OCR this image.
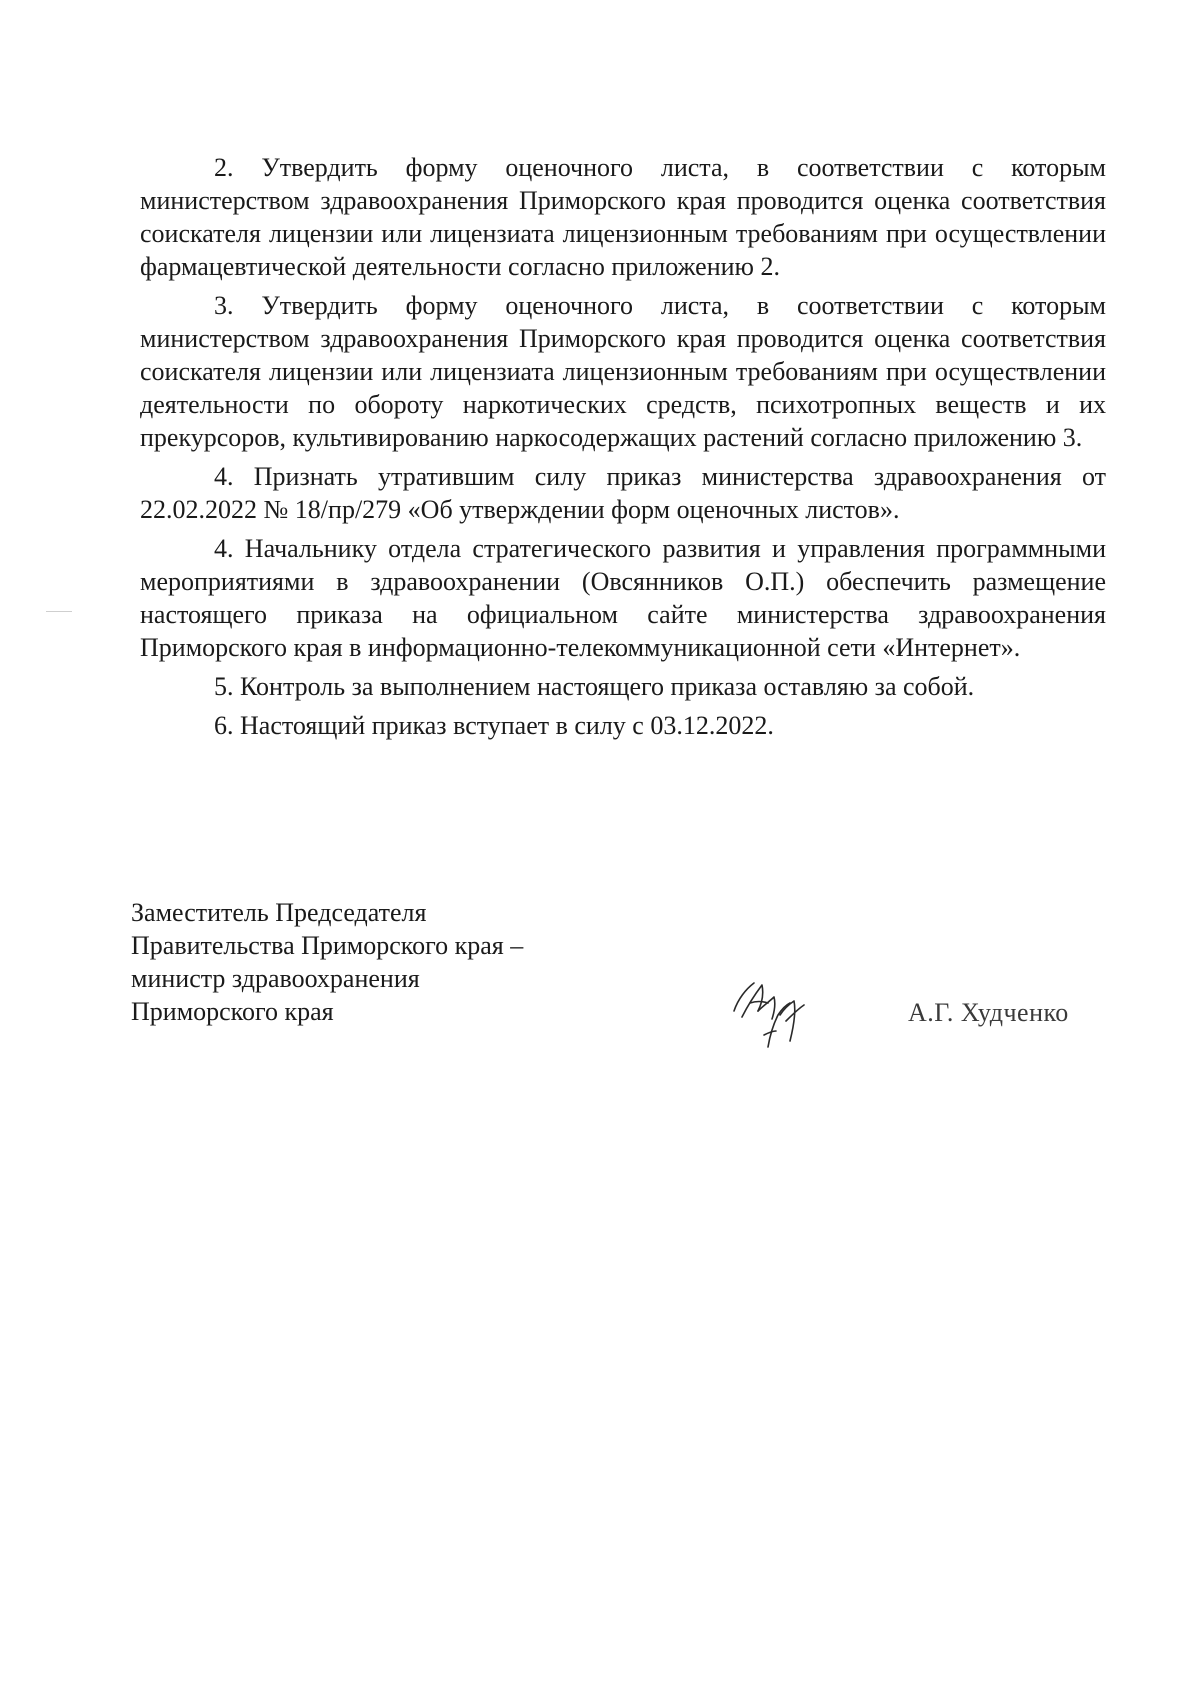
2. Утвердить форму оценочного листа, в соответствии с которым министерством здравоохранения Приморского края проводится оценка соответствия соискателя лицензии или лицензиата лицензионным требованиям при осуществлении фармацевтической деятельности согласно приложению 2.

3. Утвердить форму оценочного листа, в соответствии с которым министерством здравоохранения Приморского края проводится оценка соответствия соискателя лицензии или лицензиата лицензионным требованиям при осуществлении деятельности по обороту наркотических средств, психотропных веществ и их прекурсоров, культивированию наркосодержащих растений согласно приложению 3.

4. Признать утратившим силу приказ министерства здравоохранения от 22.02.2022 № 18/пр/279 «Об утверждении форм оценочных листов».

4. Начальнику отдела стратегического развития и управления программными мероприятиями в здравоохранении (Овсянников О.П.) обеспечить размещение настоящего приказа на официальном сайте министерства здравоохранения Приморского края в информационно-телекоммуникационной сети «Интернет».

5. Контроль за выполнением настоящего приказа оставляю за собой.

6. Настоящий приказ вступает в силу с 03.12.2022.

Заместитель Председателя
Правительства Приморского края –
министр здравоохранения
Приморского края	А.Г. Худченко
